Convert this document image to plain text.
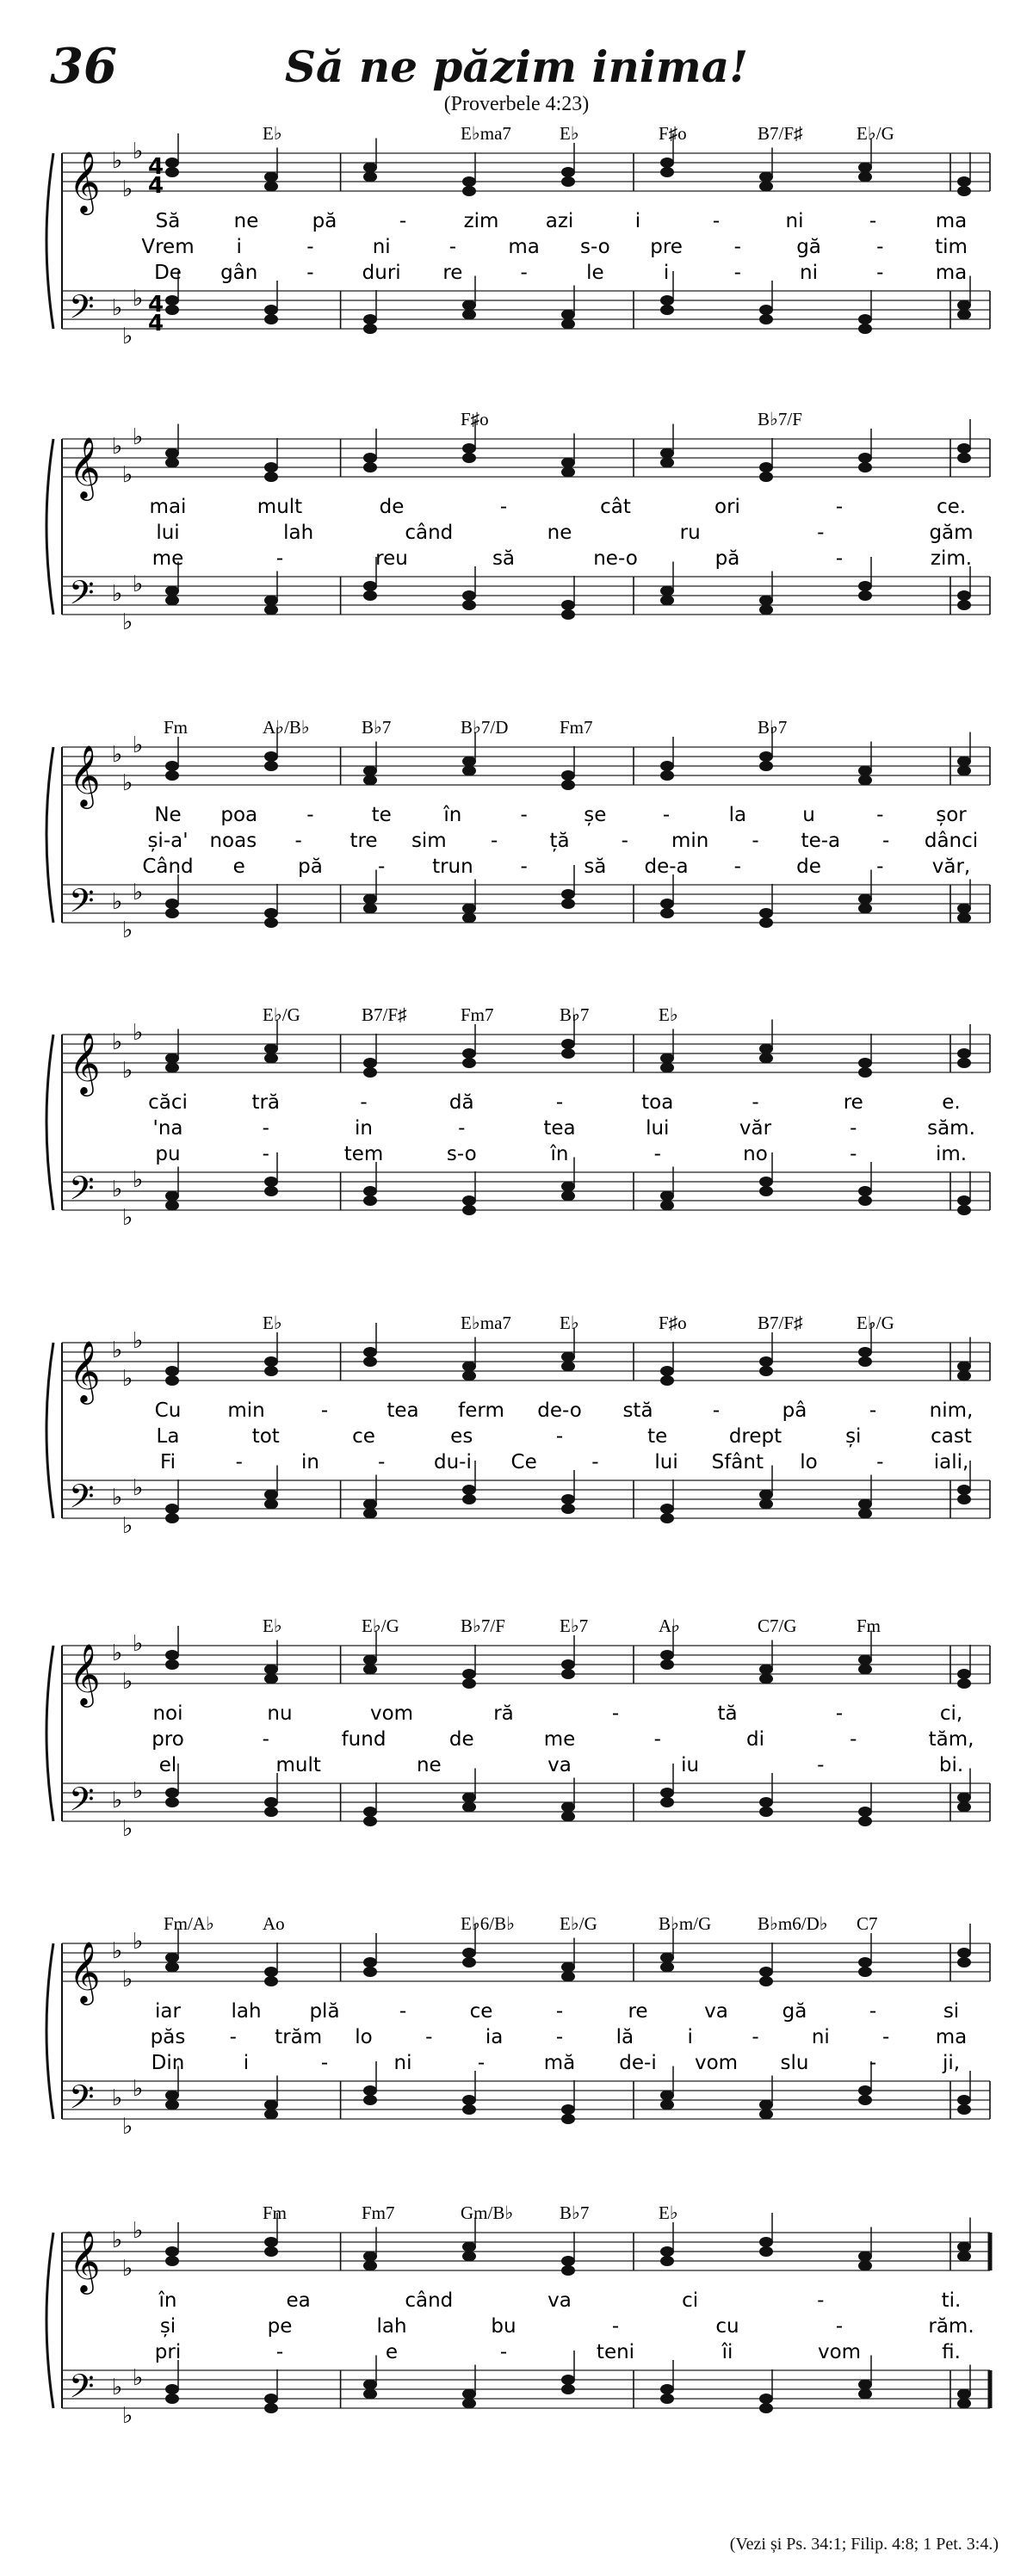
36	Să ne păzim inima!
(Proverbele 4:23)
𝄞
𝄢
♭
♭
♭
♭
♭
♭
4
4
4
4
E♭	E♭ma7	E♭	F♯o	B7/F♯	E♭/G
Să	ne	pă	-	zim azi	i	-	ni	-	ma
Vrem i	-	ni	-	ma s-o pre	-	gă	-	tim
De gân - duri re	-	le	i	-	ni	-	ma
𝄞
𝄢
♭
♭
♭
♭
♭
♭
F♯o	B♭7/F
mai	mult	de	-	cât	ori	-	ce.
lui	lah	când	ne	ru	-	găm
me	-	reu	să	ne-o	pă	-	zim.
𝄞
𝄢
♭
♭
♭
♭
♭
♭
Fm	A♭/B♭	B♭7	B♭7/D	Fm7	B♭7
Ne poa -	te	în	-	șe	-	la	u	-	șor
și-a' noas - tre sim -	ță	- min - te-a - dânci
Când e	pă	- trun -	să de-a -	de	- văr,
𝄞
𝄢
♭
♭
♭
♭
♭
♭
E♭/G	B7/F♯	Fm7	B♭7	E♭
căci	tră	-	dă	-	toa	-	re	e.
'na	-	in	-	tea	lui	văr	-	săm.
pu	-	tem	s-o	în	-	no	-	im.
𝄞
𝄢
♭
♭
♭
♭
♭
♭
E♭	E♭ma7	E♭	F♯o	B7/F♯	E♭/G
Cu min	-	tea ferm de-o stă	-	pâ	-	nim,
La	tot	ce	es	-	te	drept	și	cast
Fi	-	in	- du-i Ce	-	lui Sfânt lo	-	iali,
𝄞
𝄢
♭
♭
♭
♭
♭
♭
E♭	E♭/G	B♭7/F	E♭7	A♭	C7/G	Fm
noi	nu	vom	ră	-	tă	-	ci,
pro	-	fund	de	me	-	di	-	tăm,
el	mult	ne	va	iu	-	bi.
𝄞
𝄢
♭
♭
♭
♭
♭
♭
Fm/A♭	Ao	E♭6/B♭ E♭/G	B♭m/G	B♭m6/D♭ C7
iar	lah plă	-	ce	-	re	va	gă	-	si
păs - trăm lo	-	ia	-	lă	i	-	ni	- ma
Din	i	-	ni	-	mă de-i vom slu	-	ji,
𝄞
𝄢
♭
♭
♭
♭
♭
♭
Fm	Fm7	Gm/B♭	B♭7	E♭
în	ea	când	va	ci	-	ti.
și	pe	lah	bu	-	cu	-	răm.
pri	-	e	-	teni	îi	vom	fi.
(Vezi și Ps. 34:1; Filip. 4:8; 1 Pet. 3:4.)
